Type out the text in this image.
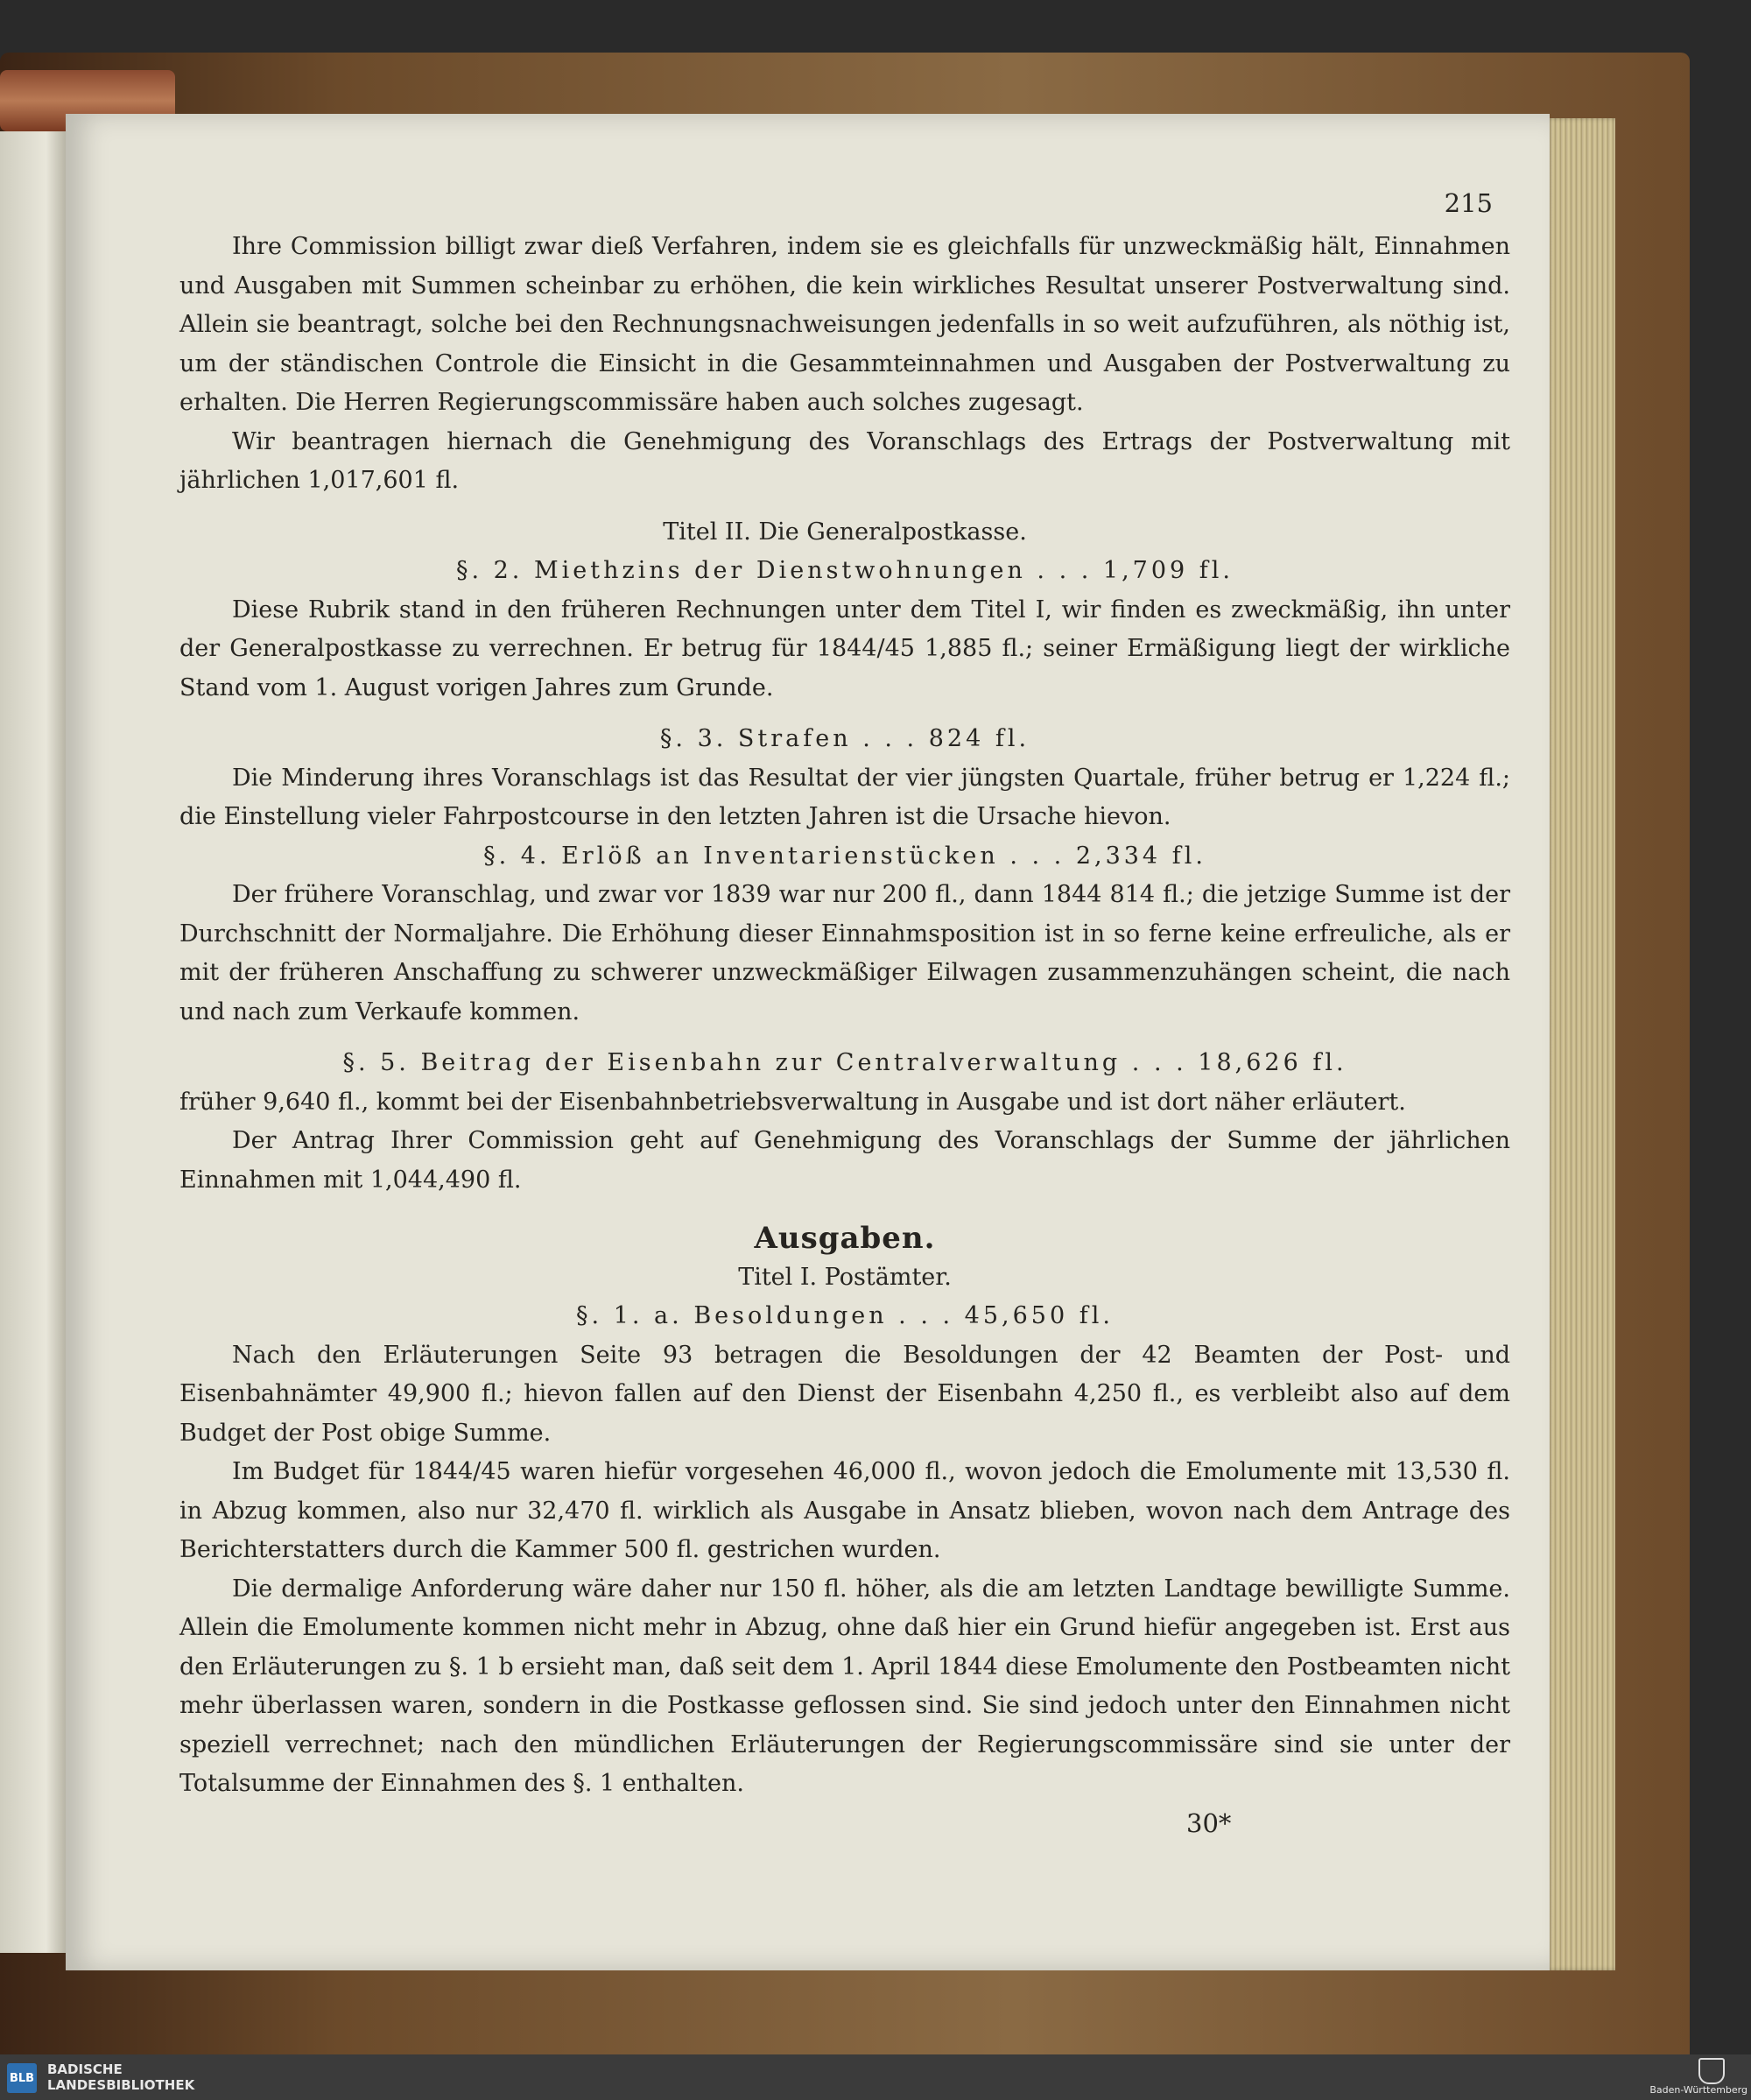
215

Ihre Commission billigt zwar dieß Verfahren, indem sie es gleichfalls für unzweckmäßig hält, Einnahmen und Ausgaben mit Summen scheinbar zu erhöhen, die kein wirkliches Resultat unserer Postverwaltung sind. Allein sie beantragt, solche bei den Rechnungsnachweisungen jedenfalls in so weit aufzuführen, als nöthig ist, um der ständischen Controle die Einsicht in die Gesammteinnahmen und Ausgaben der Postverwaltung zu erhalten. Die Herren Regierungscommissäre haben auch solches zugesagt.

Wir beantragen hiernach die Genehmigung des Voranschlags des Ertrags der Postverwaltung mit jährlichen 1,017,601 fl.

Titel II. Die Generalpostkasse.

§. 2. Miethzins der Dienstwohnungen . . . 1,709 fl.

Diese Rubrik stand in den früheren Rechnungen unter dem Titel I, wir finden es zweckmäßig, ihn unter der Generalpostkasse zu verrechnen. Er betrug für 1844/45 1,885 fl.; seiner Ermäßigung liegt der wirkliche Stand vom 1. August vorigen Jahres zum Grunde.

§. 3. Strafen . . . 824 fl.

Die Minderung ihres Voranschlags ist das Resultat der vier jüngsten Quartale, früher betrug er 1,224 fl.; die Einstellung vieler Fahrpostcourse in den letzten Jahren ist die Ursache hievon.

§. 4. Erlöß an Inventarienstücken . . . 2,334 fl.

Der frühere Voranschlag, und zwar vor 1839 war nur 200 fl., dann 1844 814 fl.; die jetzige Summe ist der Durchschnitt der Normaljahre. Die Erhöhung dieser Einnahmsposition ist in so ferne keine erfreuliche, als er mit der früheren Anschaffung zu schwerer unzweckmäßiger Eilwagen zusammenzuhängen scheint, die nach und nach zum Verkaufe kommen.

§. 5. Beitrag der Eisenbahn zur Centralverwaltung . . . 18,626 fl.

früher 9,640 fl., kommt bei der Eisenbahnbetriebsverwaltung in Ausgabe und ist dort näher erläutert.

Der Antrag Ihrer Commission geht auf Genehmigung des Voranschlags der Summe der jährlichen Einnahmen mit 1,044,490 fl.

Ausgaben.

Titel I. Postämter.

§. 1. a. Besoldungen . . . 45,650 fl.

Nach den Erläuterungen Seite 93 betragen die Besoldungen der 42 Beamten der Post- und Eisenbahnämter 49,900 fl.; hievon fallen auf den Dienst der Eisenbahn 4,250 fl., es verbleibt also auf dem Budget der Post obige Summe.

Im Budget für 1844/45 waren hiefür vorgesehen 46,000 fl., wovon jedoch die Emolumente mit 13,530 fl. in Abzug kommen, also nur 32,470 fl. wirklich als Ausgabe in Ansatz blieben, wovon nach dem Antrage des Berichterstatters durch die Kammer 500 fl. gestrichen wurden.

Die dermalige Anforderung wäre daher nur 150 fl. höher, als die am letzten Landtage bewilligte Summe. Allein die Emolumente kommen nicht mehr in Abzug, ohne daß hier ein Grund hiefür angegeben ist. Erst aus den Erläuterungen zu §. 1 b ersieht man, daß seit dem 1. April 1844 diese Emolumente den Postbeamten nicht mehr überlassen waren, sondern in die Postkasse geflossen sind. Sie sind jedoch unter den Einnahmen nicht speziell verrechnet; nach den mündlichen Erläuterungen der Regierungscommissäre sind sie unter der Totalsumme der Einnahmen des §. 1 enthalten.

30*
BLB
BADISCHE
LANDESBIBLIOTHEK	Baden-Württemberg
